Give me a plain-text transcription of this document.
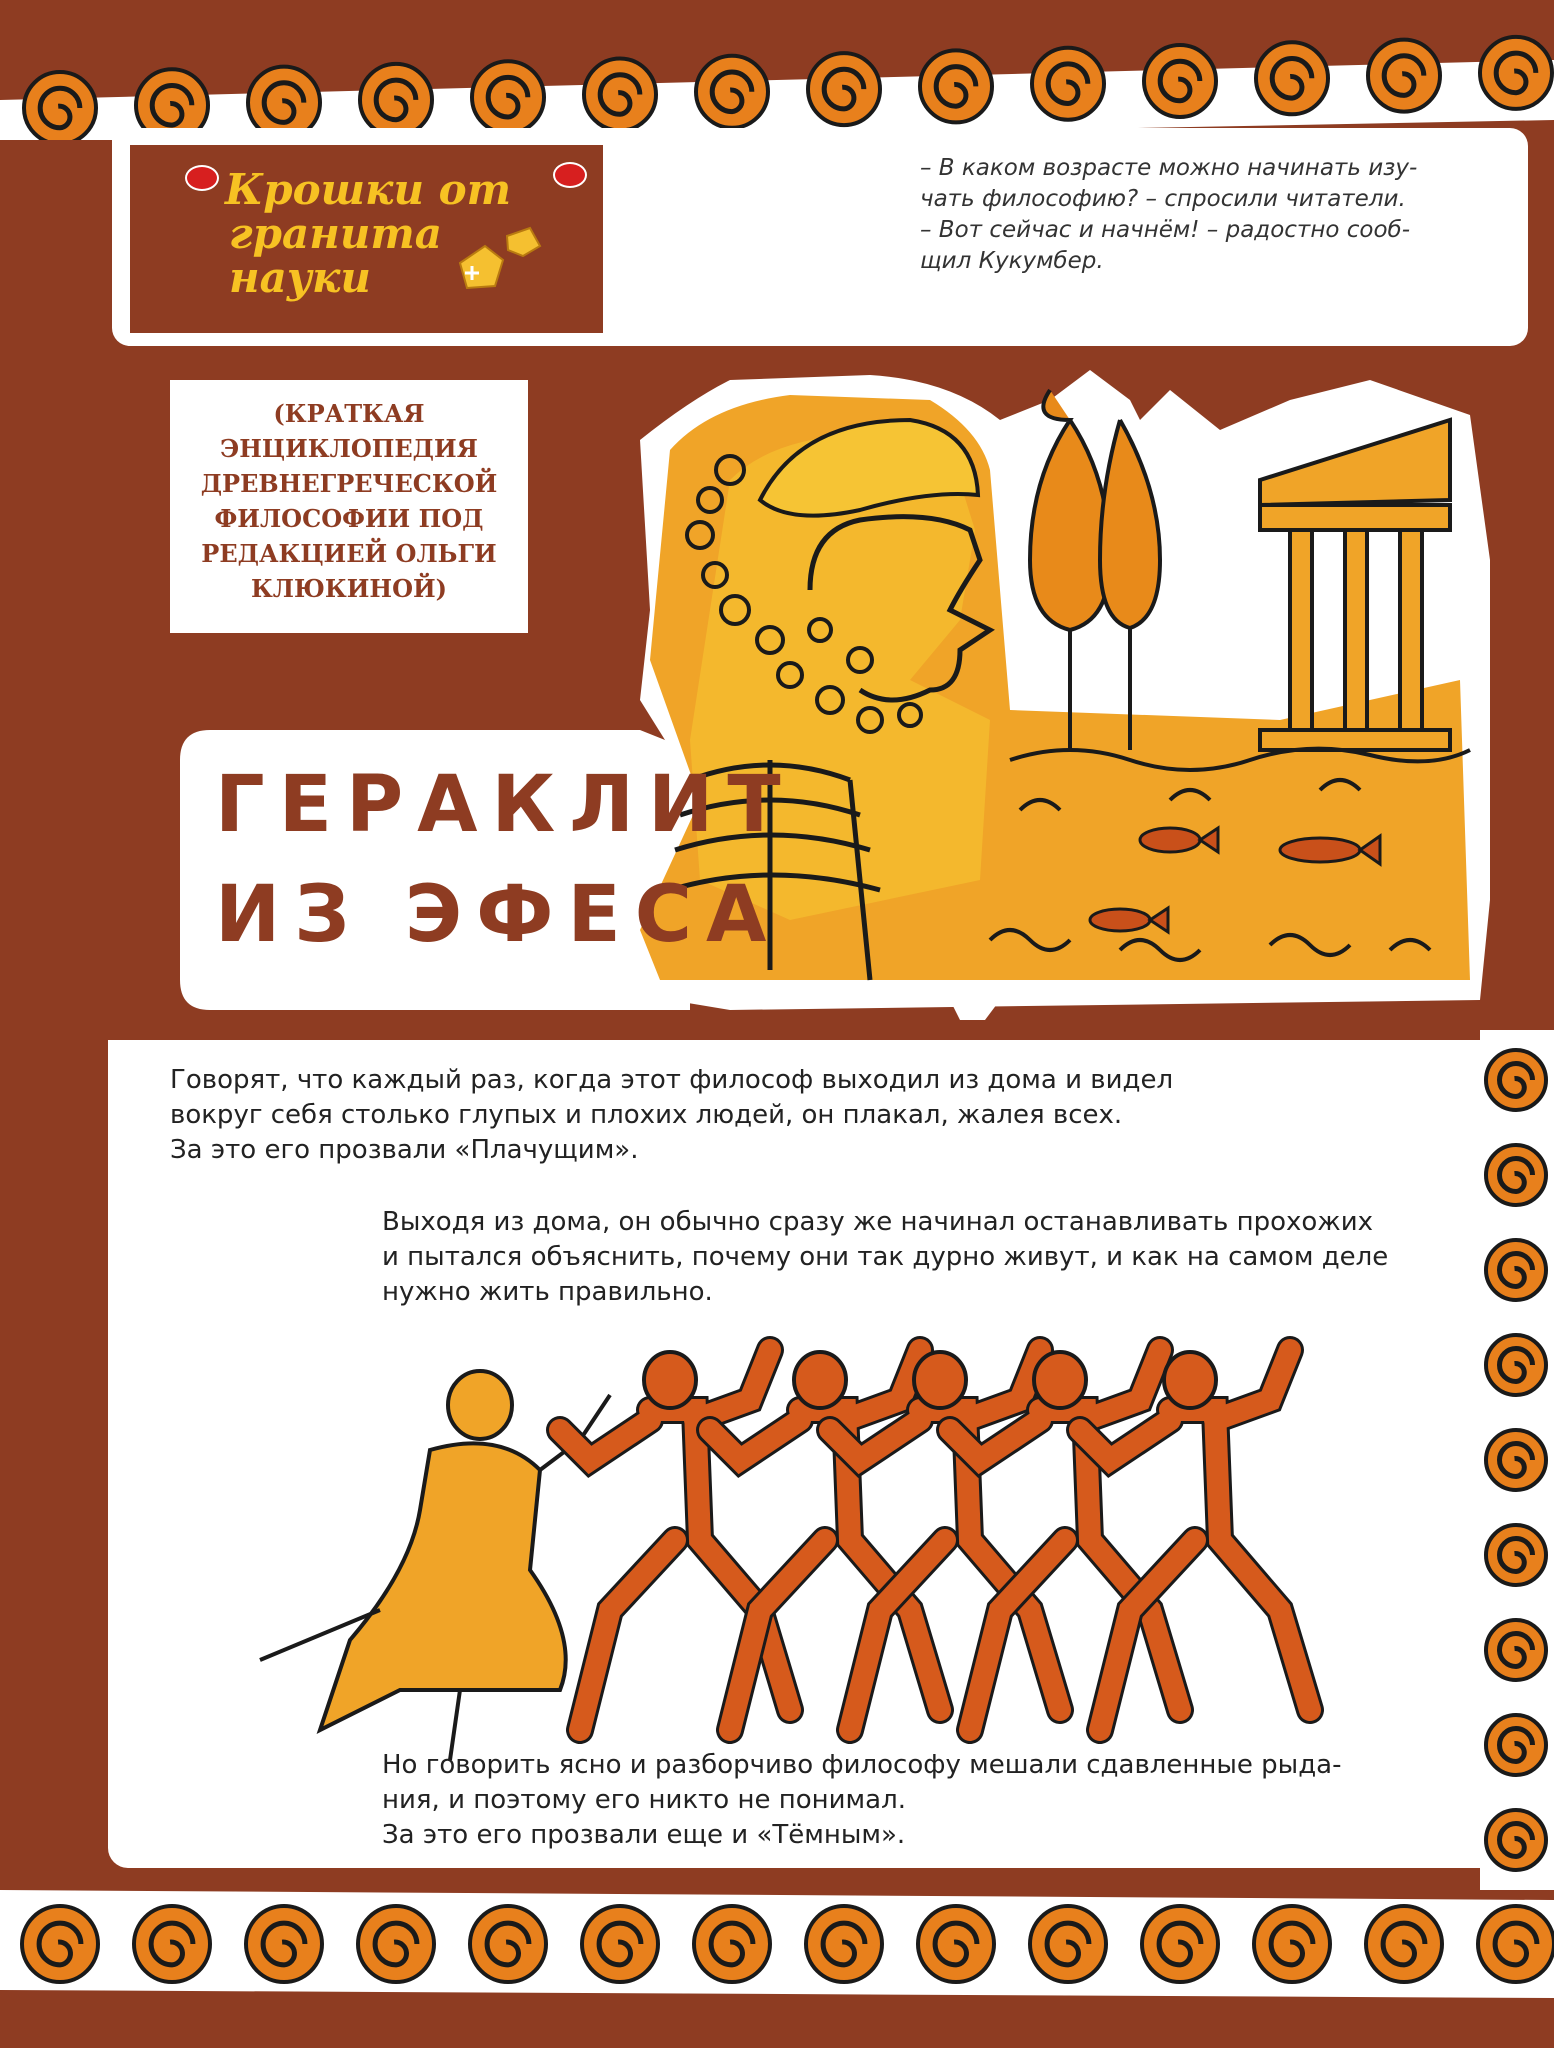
Крошки от
гранита
науки
– В каком возрасте можно начинать изу-
чать философию? – спросили читатели.
– Вот сейчас и начнём! – радостно сооб-
щил Кукумбер.
(КРАТКАЯ
ЭНЦИКЛОПЕДИЯ
ДРЕВНЕГРЕЧЕСКОЙ
ФИЛОСОФИИ ПОД
РЕДАКЦИЕЙ ОЛЬГИ
КЛЮКИНОЙ)
ГЕРАКЛИТ
ИЗ ЭФЕСА
Говорят, что каждый раз, когда этот философ выходил из дома и видел
вокруг себя столько глупых и плохих людей, он плакал, жалея всех.
За это его прозвали «Плачущим».
Выходя из дома, он обычно сразу же начинал останавливать прохожих
и пытался объяснить, почему они так дурно живут, и как на самом деле
нужно жить правильно.
Но говорить ясно и разборчиво философу мешали сдавленные рыда-
ния, и поэтому его никто не понимал.
За это его прозвали еще и «Тёмным».
